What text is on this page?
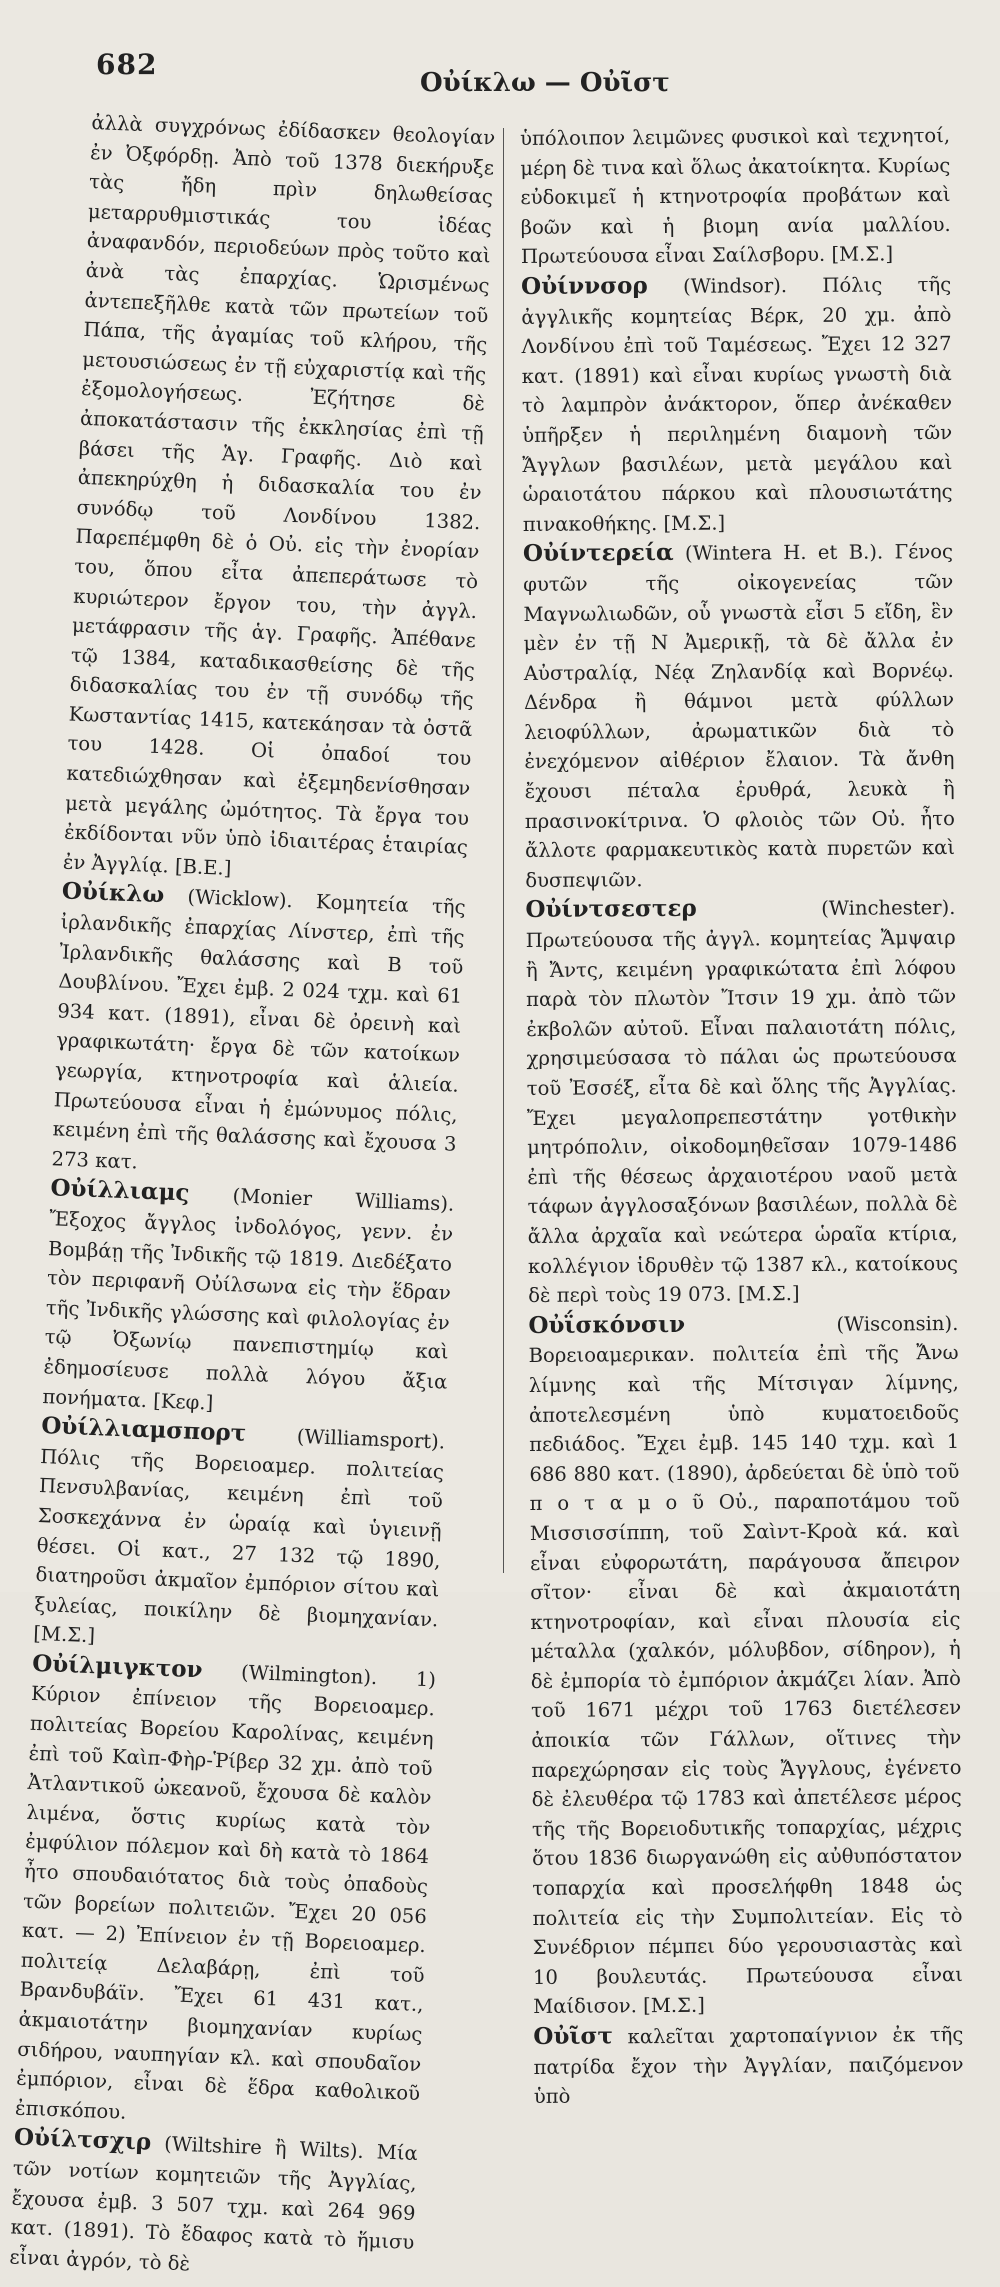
682
Οὐίκλω — Οὐῖστ

ἀλλὰ συγχρόνως ἐδίδασκεν θεολογίαν ἐν Ὀξφόρδῃ. Ἀπὸ τοῦ 1378 διεκήρυξε τὰς ἤδη πρὶν δηλωθείσας μεταρρυθμιστικάς του ἰδέας ἀναφανδόν, περιοδεύων πρὸς τοῦτο καὶ ἀνὰ τὰς ἐπαρχίας. Ὡρισμένως ἀντεπεξῆλθε κατὰ τῶν πρωτείων τοῦ Πάπα, τῆς ἀγαμίας τοῦ κλήρου, τῆς μετουσιώσεως ἐν τῇ εὐχαριστίᾳ καὶ τῆς ἐξομολογήσεως. Ἐζήτησε δὲ ἀποκατάστασιν τῆς ἐκκλησίας ἐπὶ τῇ βάσει τῆς Ἁγ. Γραφῆς. Διὸ καὶ ἀπεκηρύχθη ἡ διδασκαλία του ἐν συνόδῳ τοῦ Λονδίνου 1382. Παρεπέμφθη δὲ ὁ Οὐ. εἰς τὴν ἐνορίαν του, ὅπου εἶτα ἀπεπεράτωσε τὸ κυριώτερον ἔργον του, τὴν ἀγγλ. μετάφρασιν τῆς ἁγ. Γραφῆς. Ἀπέθανε τῷ 1384, καταδικασθείσης δὲ τῆς διδασκαλίας του ἐν τῇ συνόδῳ τῆς Κωσταντίας 1415, κατεκάησαν τὰ ὀστᾶ του 1428. Οἱ ὀπαδοί του κατεδιώχθησαν καὶ ἐξεμηδενίσθησαν μετὰ μεγάλης ὠμότητος. Τὰ ἔργα του ἐκδίδονται νῦν ὑπὸ ἰδιαιτέρας ἑταιρίας ἐν Ἀγγλίᾳ. [Β.Ε.]

Οὐίκλω (Wicklow). Κομητεία τῆς ἰρλανδικῆς ἐπαρχίας Λίνστερ, ἐπὶ τῆς Ἰρλανδικῆς θαλάσσης καὶ Β τοῦ Δουβλίνου. Ἔχει ἐμβ. 2 024 τχμ. καὶ 61 934 κατ. (1891), εἶναι δὲ ὀρεινὴ καὶ γραφικωτάτη· ἔργα δὲ τῶν κατοίκων γεωργία, κτηνοτροφία καὶ ἁλιεία. Πρωτεύουσα εἶναι ἡ ἐμώνυμος πόλις, κειμένη ἐπὶ τῆς θαλάσσης καὶ ἔχουσα 3 273 κατ.

Οὐίλλιαμς (Monier Williams). Ἔξοχος ἄγγλος ἰνδολόγος, γενν. ἐν Βομβάῃ τῆς Ἰνδικῆς τῷ 1819. Διεδέξατο τὸν περιφανῆ Οὐίλσωνα εἰς τὴν ἕδραν τῆς Ἰνδικῆς γλώσσης καὶ φιλολογίας ἐν τῷ Ὀξωνίῳ πανεπιστημίῳ καὶ ἐδημοσίευσε πολλὰ λόγου ἄξια πονήματα. [Κεφ.]

Οὐίλλιαμσπορτ	(Williamsport). Πόλις τῆς Βορειοαμερ. πολιτείας Πενσυλβανίας, κειμένη ἐπὶ τοῦ Σοσκεχάννα ἐν ὡραίᾳ καὶ ὑγιεινῇ θέσει. Οἱ κατ., 27 132 τῷ 1890, διατηροῦσι ἀκμαῖον ἐμπόριον σίτου καὶ ξυλείας, ποικίλην δὲ βιομηχανίαν. [Μ.Σ.]

Οὐίλμιγκτον (Wilmington). 1) Κύριον ἐπίνειον τῆς Βορειοαμερ. πολιτείας Βορείου Καρολίνας, κειμένη ἐπὶ τοῦ Καὶπ-Φὴρ-Ῥίβερ 32 χμ. ἀπὸ τοῦ Ἀτλαντικοῦ ὠκεανοῦ, ἔχουσα δὲ καλὸν λιμένα, ὅστις κυρίως κατὰ τὸν ἐμφύλιον πόλεμον καὶ δὴ κατὰ τὸ 1864 ἦτο σπουδαιότατος διὰ τοὺς ὀπαδοὺς τῶν βορείων πολιτειῶν. Ἔχει 20 056 κατ. — 2) Ἐπίνειον ἐν τῇ Βορειοαμερ. πολιτείᾳ Δελαβάρῃ, ἐπὶ τοῦ Βρανδυβάϊν. Ἔχει 61 431 κατ., ἀκμαιοτάτην βιομηχανίαν κυρίως σιδήρου, ναυπηγίαν κλ. καὶ σπουδαῖον ἐμπόριον, εἶναι δὲ ἕδρα καθολικοῦ ἐπισκόπου.

Οὐίλτσχιρ (Wiltshire ἢ Wilts). Μία τῶν νοτίων κομητειῶν τῆς Ἀγγλίας, ἔχουσα ἐμβ. 3 507 τχμ. καὶ 264 969 κατ. (1891). Τὸ ἔδαφος κατὰ τὸ ἥμισυ εἶναι ἀγρόν, τὸ δὲ

ὑπόλοιπον λειμῶνες φυσικοὶ καὶ τεχνητοί, μέρη δὲ τινα καὶ ὅλως ἀκατοίκητα. Κυρίως εὐδοκιμεῖ ἡ κτηνοτροφία προβάτων καὶ βοῶν καὶ ἡ βιομη ανία μαλλίου. Πρωτεύουσα εἶναι Σαίλσβορυ. [Μ.Σ.]

Οὐίννσορ (Windsor). Πόλις τῆς ἀγγλικῆς κομητείας Βέρκ, 20 χμ. ἀπὸ Λονδίνου ἐπὶ τοῦ Ταμέσεως. Ἔχει 12 327 κατ. (1891) καὶ εἶναι κυρίως γνωστὴ διὰ τὸ λαμπρὸν ἀνάκτορον, ὅπερ ἀνέκαθεν ὑπῆρξεν ἡ περιλημένη διαμονὴ τῶν Ἄγγλων βασιλέων, μετὰ μεγάλου καὶ ὡραιοτάτου πάρκου καὶ πλουσιωτάτης πινακοθήκης. [Μ.Σ.]

Οὐίντερεία (Wintera H. et B.). Γένος φυτῶν τῆς οἰκογενείας τῶν Μαγνωλιωδῶν, οὗ γνωστὰ εἶσι 5 εἴδη, ἓν μὲν ἐν τῇ Ν Ἀμερικῇ, τὰ δὲ ἄλλα ἐν Αὐστραλίᾳ, Νέᾳ Ζηλανδίᾳ καὶ Βορνέῳ. Δένδρα ἢ θάμνοι μετὰ φύλλων λειοφύλλων, ἀρωματικῶν διὰ τὸ ἐνεχόμενον αἰθέριον ἔλαιον. Τὰ ἄνθη ἔχουσι πέταλα ἐρυθρά, λευκὰ ἢ πρασινοκίτρινα. Ὁ φλοιὸς τῶν Οὐ. ἦτο ἄλλοτε φαρμακευτικὸς κατὰ πυρετῶν καὶ δυσπεψιῶν.

Οὐίντσεστερ	(Winchester). Πρωτεύουσα τῆς ἀγγλ. κομητείας Ἄμψαιρ ἢ Ἄντς, κειμένη γραφικώτατα ἐπὶ λόφου παρὰ τὸν πλωτὸν Ἴτσιν 19 χμ. ἀπὸ τῶν ἐκβολῶν αὐτοῦ. Εἶναι παλαιοτάτη πόλις, χρησιμεύσασα τὸ πάλαι ὡς πρωτεύουσα τοῦ Ἐσσέξ, εἶτα δὲ καὶ ὅλης τῆς Ἀγγλίας. Ἔχει μεγαλοπρεπεστάτην γοτθικὴν μητρόπολιν, οἰκοδομηθεῖσαν 1079-1486 ἐπὶ τῆς θέσεως ἀρχαιοτέρου ναοῦ μετὰ τάφων ἀγγλοσαξόνων βασιλέων, πολλὰ δὲ ἄλλα ἀρχαῖα καὶ νεώτερα ὡραῖα κτίρια, κολλέγιον ἱδρυθὲν τῷ 1387 κλ., κατοίκους δὲ περὶ τοὺς 19 073. [Μ.Σ.]

Οὐΐσκόνσιν	(Wisconsin). Βορειοαμερικαν. πολιτεία ἐπὶ τῆς Ἄνω λίμνης καὶ τῆς Μίτσιγαν λίμνης, ἀποτελεσμένη ὑπὸ κυματοειδοῦς πεδιάδος. Ἔχει ἐμβ. 145 140 τχμ. καὶ 1 686 880 κατ. (1890), ἀρδεύεται δὲ ὑπὸ τοῦ π ο τ α μ ο ῦ Οὐ., παραποτάμου τοῦ Μισσισσίππη, τοῦ Σαὶντ-Κροὰ κά. καὶ εἶναι εὐφορωτάτη, παράγουσα ἄπειρον σῖτον· εἶναι δὲ καὶ ἀκμαιοτάτη κτηνοτροφίαν, καὶ εἶναι πλουσία εἰς μέταλλα (χαλκόν, μόλυβδον, σίδηρον), ἡ δὲ ἐμπορία τὸ ἐμπόριον ἀκμάζει λίαν. Ἀπὸ τοῦ 1671 μέχρι τοῦ 1763 διετέλεσεν ἀποικία τῶν Γάλλων, οἵτινες τὴν παρεχώρησαν εἰς τοὺς Ἄγγλους, ἐγένετο δὲ ἐλευθέρα τῷ 1783 καὶ ἀπετέλεσε μέρος τῆς τῆς Βορειοδυτικῆς τοπαρχίας, μέχρις ὅτου 1836 διωργανώθη εἰς αὐθυπόστατον τοπαρχία καὶ προσελήφθη 1848 ὡς πολιτεία εἰς τὴν Συμπολιτείαν. Εἰς τὸ Συνέδριον πέμπει δύο γερουσιαστὰς καὶ 10 βουλευτάς. Πρωτεύουσα εἶναι Μαίδισον. [Μ.Σ.]

Οὐῖστ καλεῖται χαρτοπαίγνιον ἐκ τῆς πατρίδα ἔχον τὴν Ἀγγλίαν, παιζόμενον ὑπὸ
